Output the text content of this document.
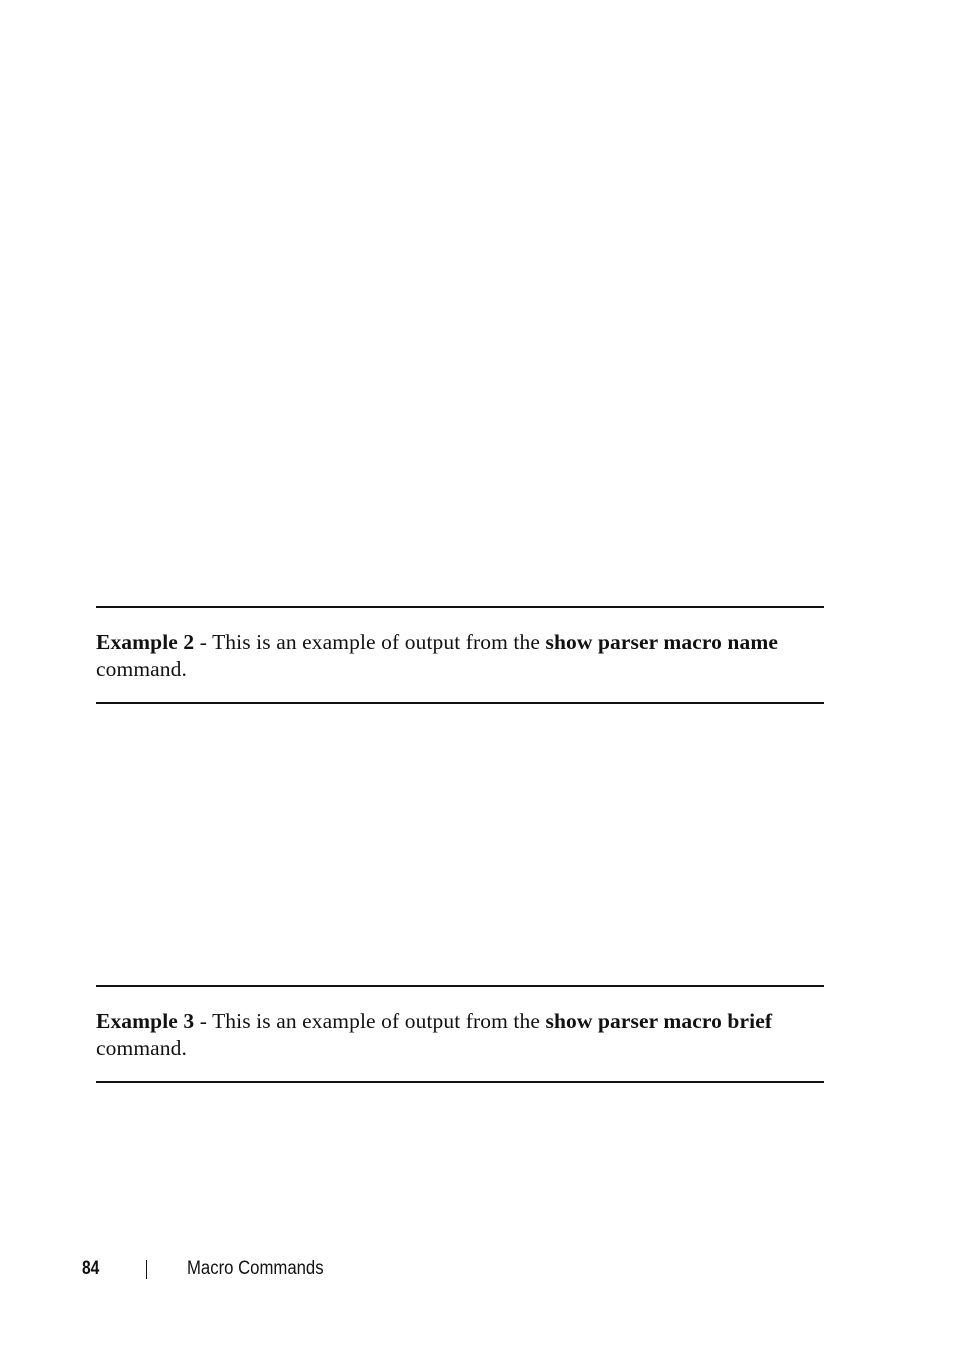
Example 2 - This is an example of output from the show parser macro name
command.
Example 3 - This is an example of output from the show parser macro brief
command.
84	Macro Commands
